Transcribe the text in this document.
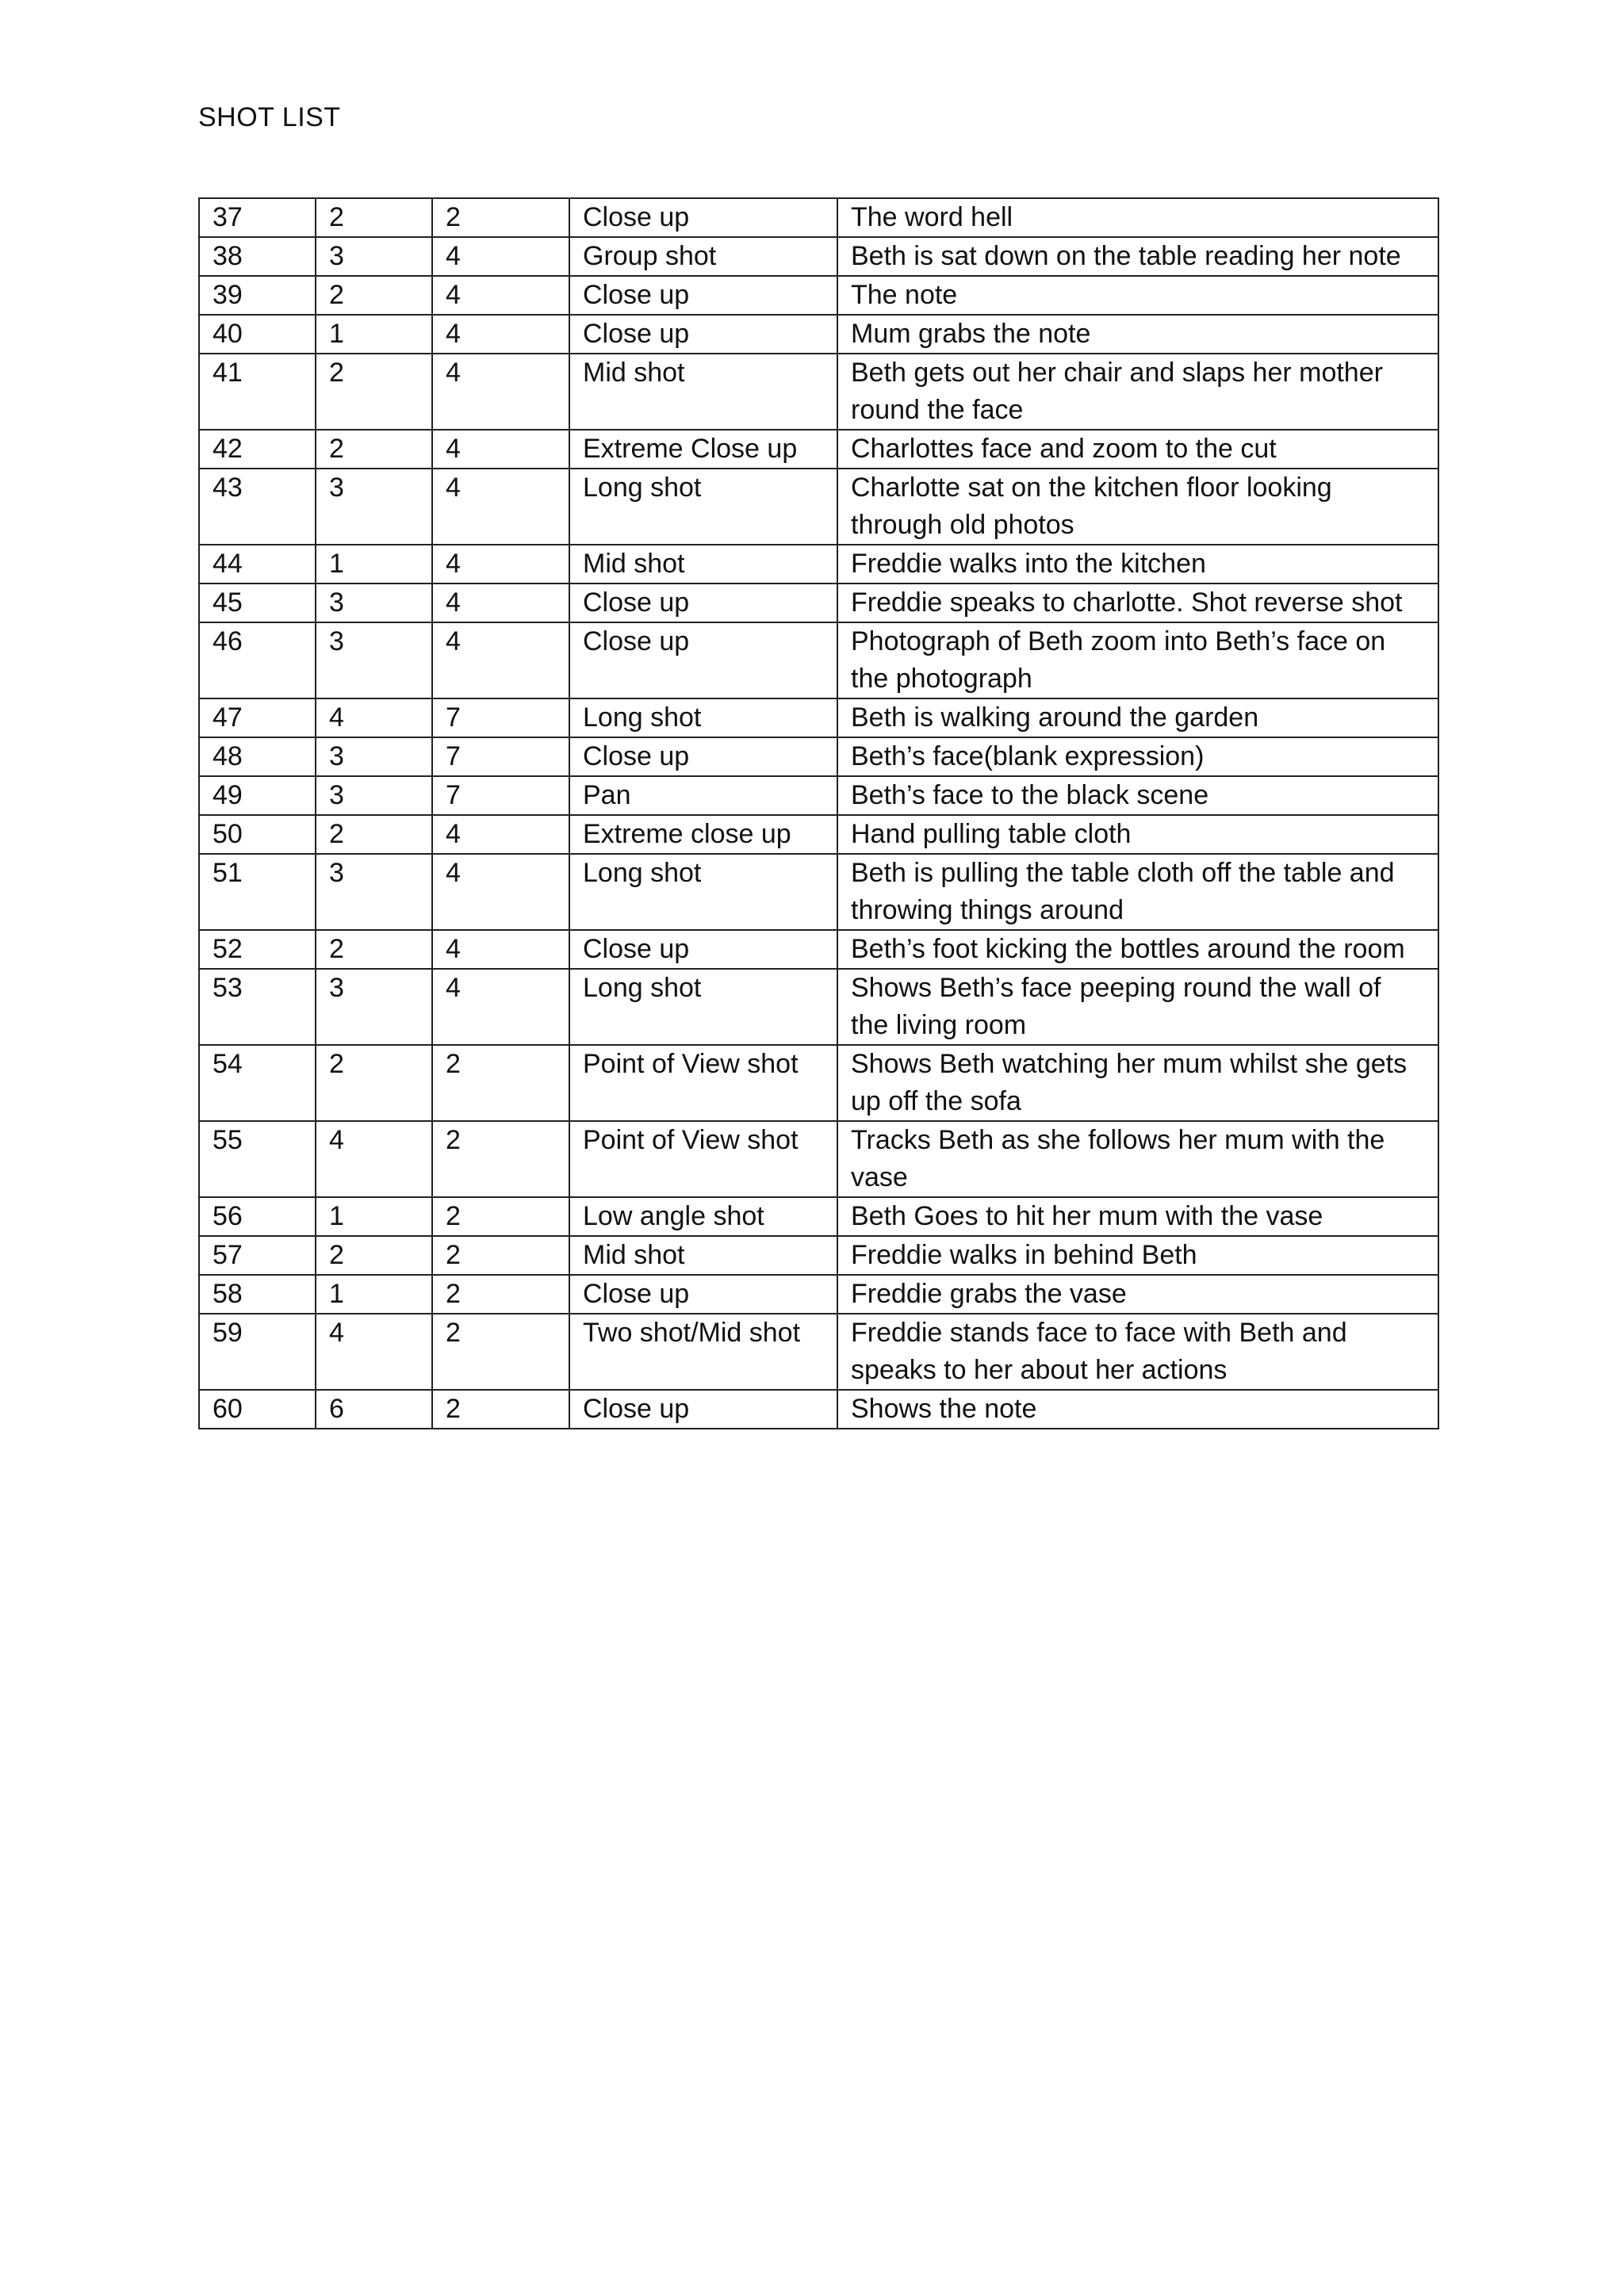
SHOT LIST
37	2	2	Close up	The word hell
38	3	4	Group shot	Beth is sat down on the table reading her note
39	2	4	Close up	The note
40	1	4	Close up	Mum grabs the note
41	2	4	Mid shot	Beth gets out her chair and slaps her mother round the face
42	2	4	Extreme Close up	Charlottes face and zoom to the cut
43	3	4	Long shot	Charlotte sat on the kitchen floor looking through old photos
44	1	4	Mid shot	Freddie walks into the kitchen
45	3	4	Close up	Freddie speaks to charlotte. Shot reverse shot
46	3	4	Close up	Photograph of Beth zoom into Beth’s face on the photograph
47	4	7	Long shot	Beth is walking around the garden
48	3	7	Close up	Beth’s face(blank expression)
49	3	7	Pan	Beth’s face to the black scene
50	2	4	Extreme close up	Hand pulling table cloth
51	3	4	Long shot	Beth is pulling the table cloth off the table and throwing things around
52	2	4	Close up	Beth’s foot kicking the bottles around the room
53	3	4	Long shot	Shows Beth’s face peeping round the wall of the living room
54	2	2	Point of View shot	Shows Beth watching her mum whilst she gets up off the sofa
55	4	2	Point of View shot	Tracks Beth as she follows her mum with the vase
56	1	2	Low angle shot	Beth Goes to hit her mum with the vase
57	2	2	Mid shot	Freddie walks in behind Beth
58	1	2	Close up	Freddie grabs the vase
59	4	2	Two shot/Mid shot	Freddie stands face to face with Beth and speaks to her about her actions
60	6	2	Close up	Shows the note
